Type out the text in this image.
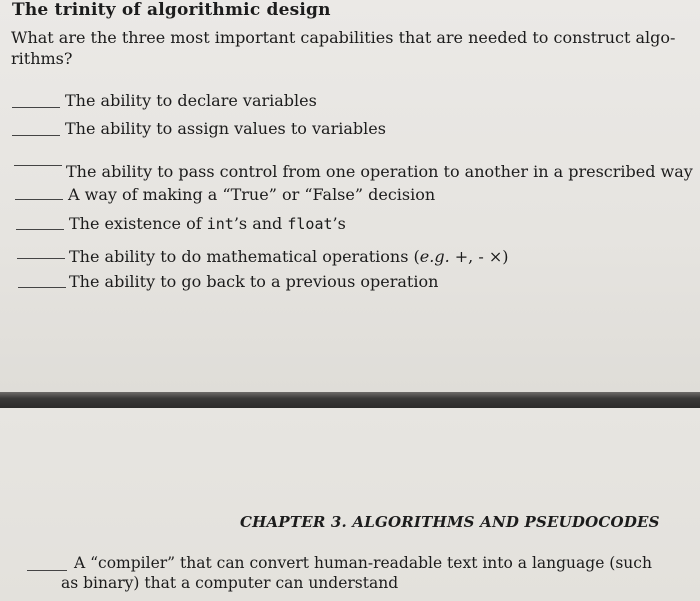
The trinity of algorithmic design

What are the three most important capabilities that are needed to construct algo- rithms?

The ability to declare variables
The ability to assign values to variables
The ability to pass control from one operation to another in a prescribed way
A way of making a “True” or “False” decision
The existence of int’s and float’s
The ability to do mathematical operations (e.g. +, - ×)
The ability to go back to a previous operation
CHAPTER 3. ALGORITHMS AND PSEUDOCODES
A “compiler” that can convert human-readable text into a language (such as binary) that a computer can understand
